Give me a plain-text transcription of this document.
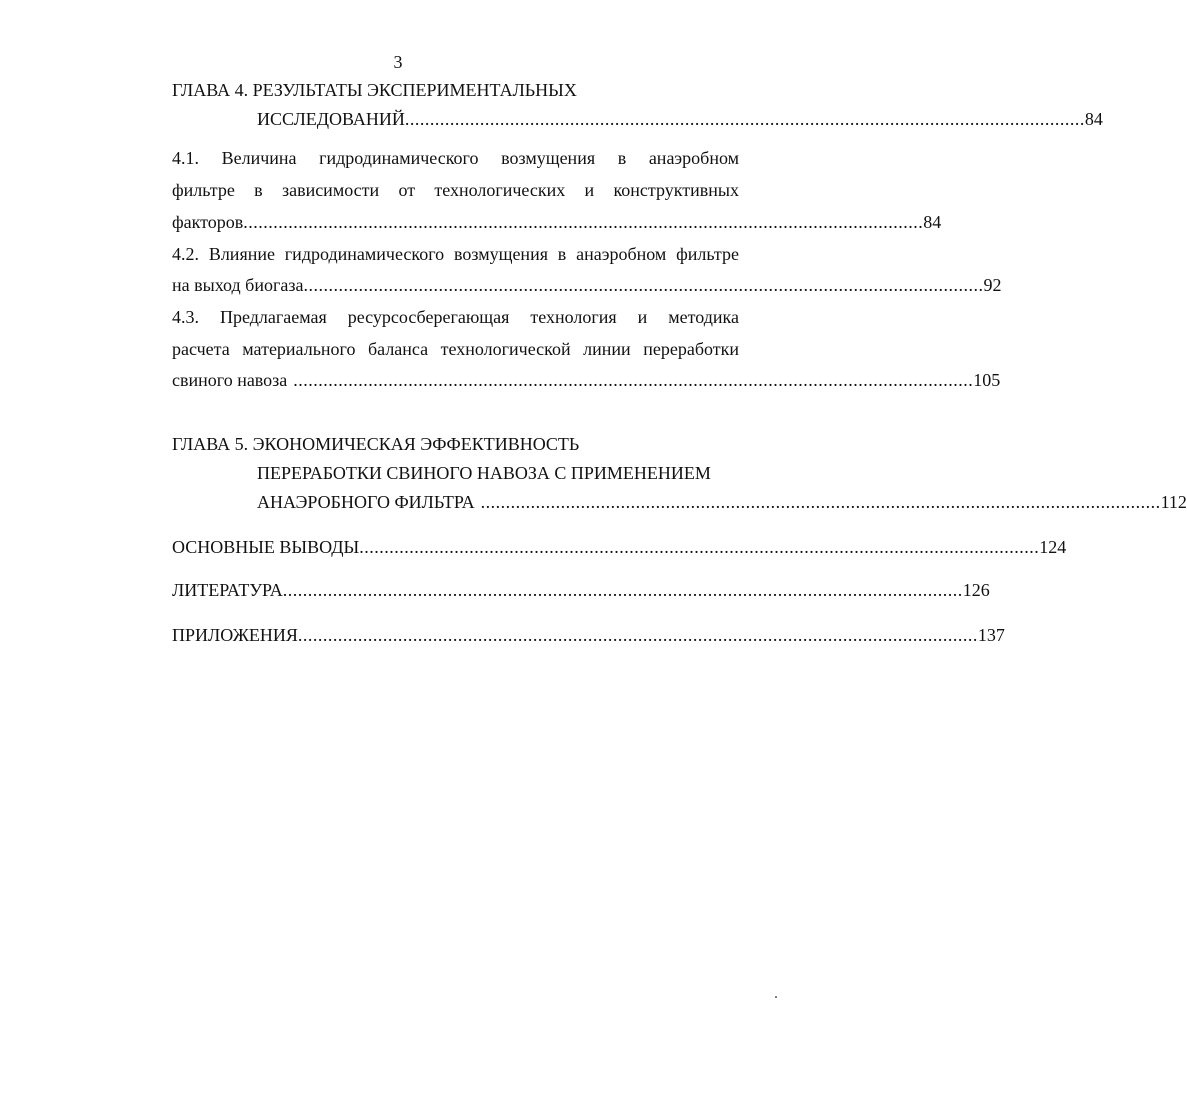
3
ГЛАВА 4. РЕЗУЛЬТАТЫ ЭКСПЕРИМЕНТАЛЬНЫХ
ИССЛЕДОВАНИЙ ........................................................................................................................................ 84
4.1. Величина гидродинамического возмущения в анаэробном
фильтре в зависимости от технологических и конструктивных
факторов ........................................................................................................................................ 84
4.2. Влияние гидродинамического возмущения в анаэробном фильтре
на выход биогаза ........................................................................................................................................ 92
4.3. Предлагаемая ресурсосберегающая технология и методика
расчета материального баланса технологической линии переработки
свиного навоза ........................................................................................................................................ 105
ГЛАВА 5. ЭКОНОМИЧЕСКАЯ ЭФФЕКТИВНОСТЬ
ПЕРЕРАБОТКИ СВИНОГО НАВОЗА С ПРИМЕНЕНИЕМ
АНАЭРОБНОГО ФИЛЬТРА ........................................................................................................................................ 112
ОСНОВНЫЕ ВЫВОДЫ ........................................................................................................................................ 124
ЛИТЕРАТУРА ........................................................................................................................................ 126
ПРИЛОЖЕНИЯ ........................................................................................................................................ 137
